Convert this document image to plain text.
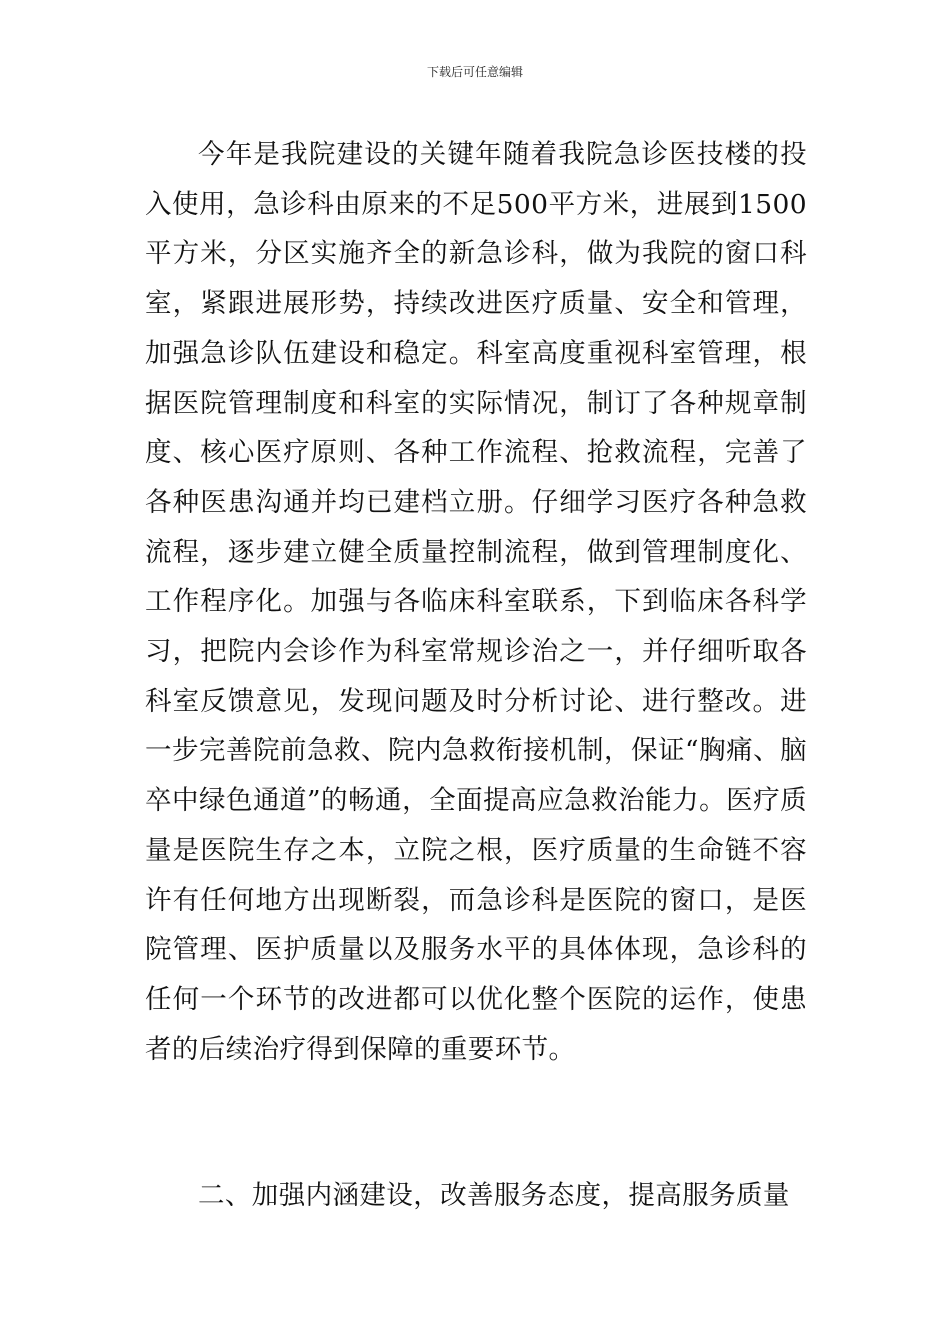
下载后可任意编辑

今年是我院建设的关键年随着我院急诊医技楼的投入使用，急诊科由原来的不足500平方米，进展到1500平方米，分区实施齐全的新急诊科，做为我院的窗口科室，紧跟进展形势，持续改进医疗质量、安全和管理，加强急诊队伍建设和稳定。科室高度重视科室管理，根据医院管理制度和科室的实际情况，制订了各种规章制度、核心医疗原则、各种工作流程、抢救流程，完善了各种医患沟通并均已建档立册。仔细学习医疗各种急救流程，逐步建立健全质量控制流程，做到管理制度化、工作程序化。加强与各临床科室联系，下到临床各科学习，把院内会诊作为科室常规诊治之一，并仔细听取各科室反馈意见，发现问题及时分析讨论、进行整改。进一步完善院前急救、院内急救衔接机制，保证“胸痛、脑卒中绿色通道”的畅通，全面提高应急救治能力。医疗质量是医院生存之本，立院之根，医疗质量的生命链不容许有任何地方出现断裂，而急诊科是医院的窗口，是医院管理、医护质量以及服务水平的具体体现，急诊科的任何一个环节的改进都可以优化整个医院的运作，使患者的后续治疗得到保障的重要环节。

二、加强内涵建设，改善服务态度，提高服务质量
